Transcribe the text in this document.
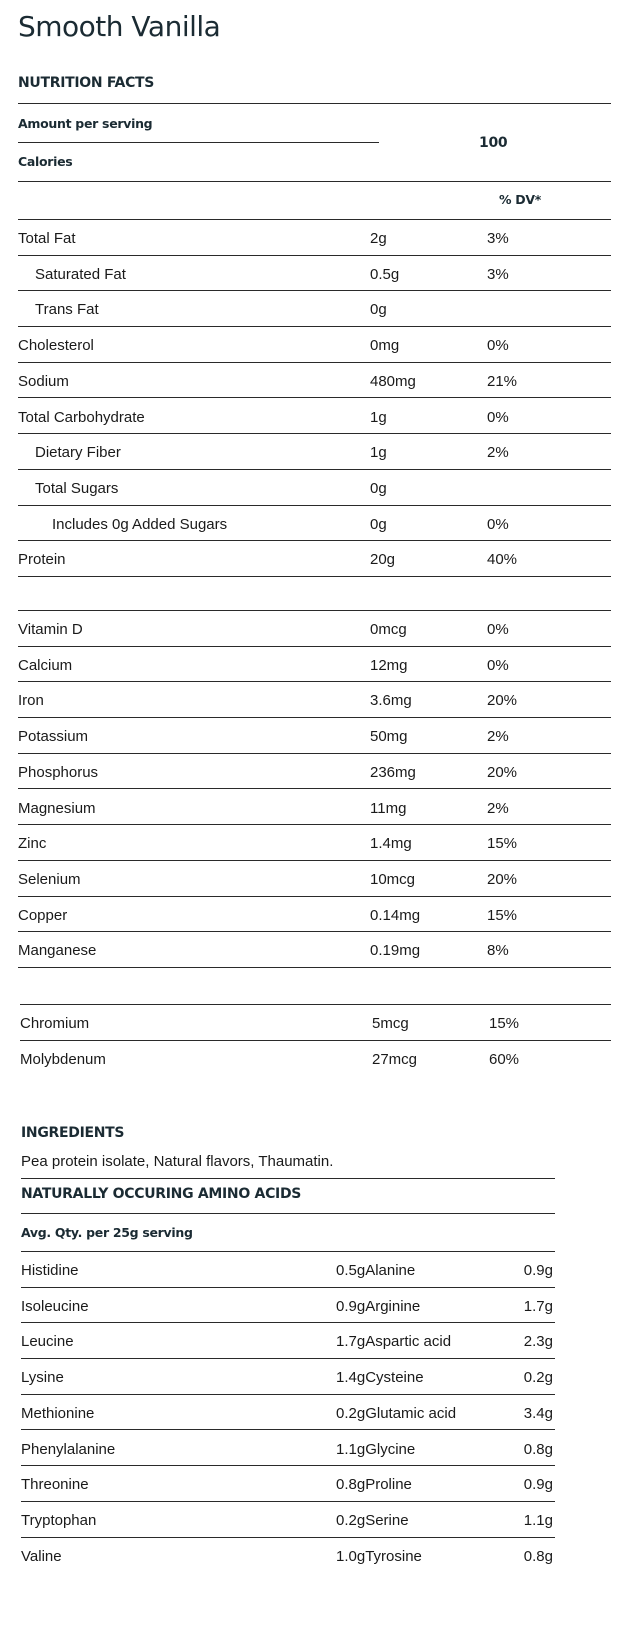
Smooth Vanilla
NUTRITION FACTS
Amount per serving
Calories
100
% DV*
Total Fat	2g	3%
Saturated Fat	0.5g	3%
Trans Fat	0g
Cholesterol	0mg	0%
Sodium	480mg	21%
Total Carbohydrate	1g	0%
Dietary Fiber	1g	2%
Total Sugars	0g
Includes 0g Added Sugars	0g	0%
Protein	20g	40%
Vitamin D	0mcg	0%
Calcium	12mg	0%
Iron	3.6mg	20%
Potassium	50mg	2%
Phosphorus	236mg	20%
Magnesium	11mg	2%
Zinc	1.4mg	15%
Selenium	10mcg	20%
Copper	0.14mg	15%
Manganese	0.19mg	8%
Chromium	5mcg	15%
Molybdenum	27mcg	60%
INGREDIENTS
Pea protein isolate, Natural flavors, Thaumatin.
NATURALLY OCCURING AMINO ACIDS
Avg. Qty. per 25g serving
Histidine	0.5gAlanine	0.9g
Isoleucine	0.9gArginine	1.7g
Leucine	1.7gAspartic acid	2.3g
Lysine	1.4gCysteine	0.2g
Methionine	0.2gGlutamic acid	3.4g
Phenylalanine	1.1gGlycine	0.8g
Threonine	0.8gProline	0.9g
Tryptophan	0.2gSerine	1.1g
Valine	1.0gTyrosine	0.8g
